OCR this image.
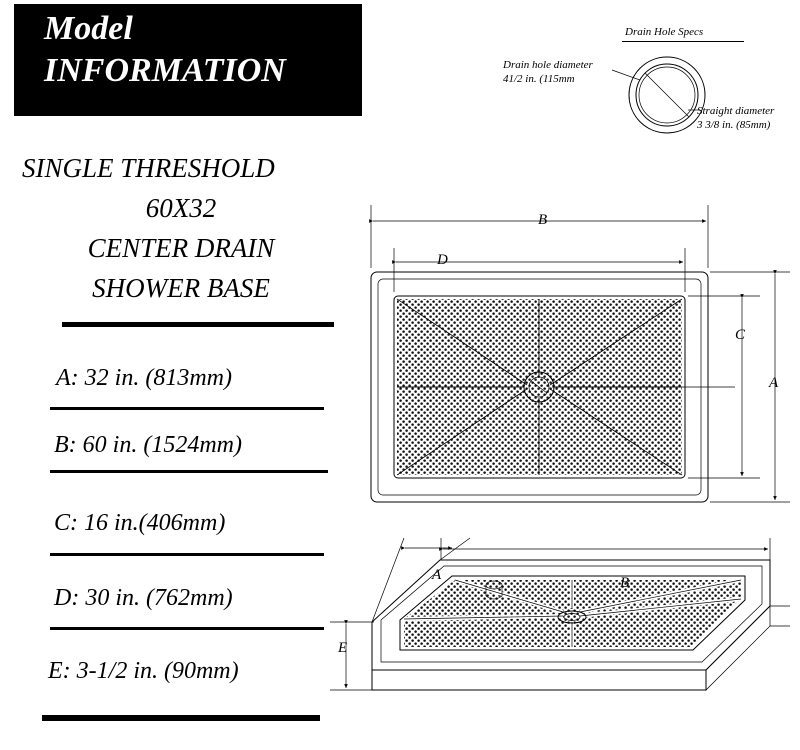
Model
INFORMATION
SINGLE THRESHOLD
60X32
CENTER DRAIN
SHOWER BASE
A: 32 in. (813mm)
B: 60 in. (1524mm)
C: 16 in.(406mm)
D: 30 in. (762mm)
E: 3-1/2 in. (90mm)
Drain Hole Specs
Drain hole diameter
41/2 in. (115mm
Straight diameter
3 3/8 in. (85mm)
B
D
C
A
A
E
